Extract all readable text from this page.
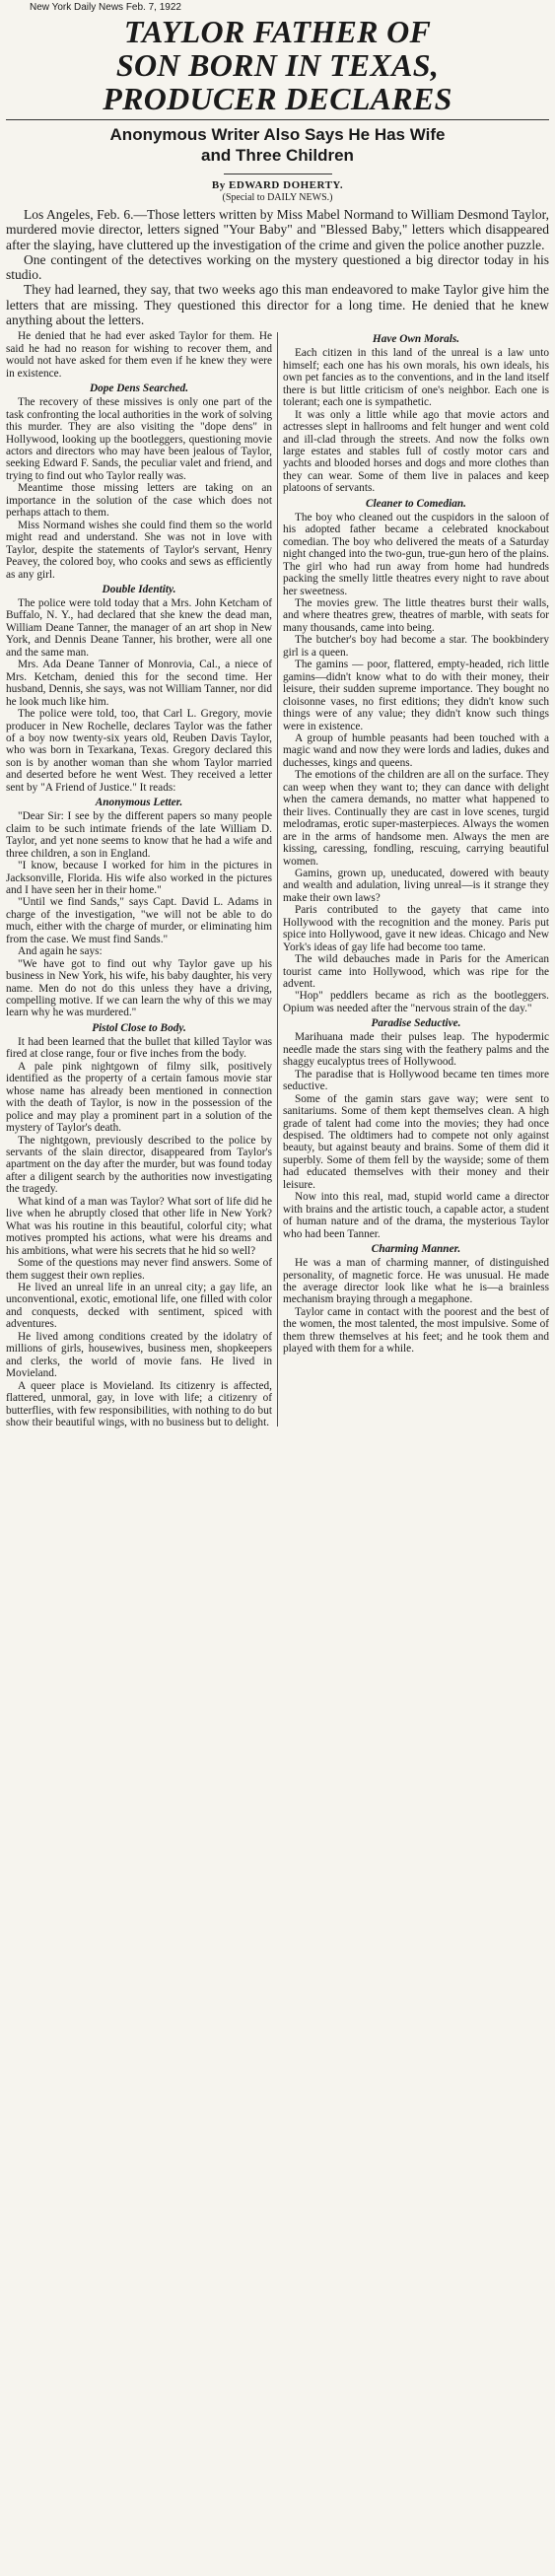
New York Daily News Feb. 7, 1922
TAYLOR FATHER OF
SON BORN IN TEXAS,
PRODUCER DECLARES
Anonymous Writer Also Says He Has Wife
and Three Children
By EDWARD DOHERTY.
(Special to DAILY NEWS.)

Los Angeles, Feb. 6.—Those letters written by Miss Mabel Normand to William Desmond Taylor, murdered movie director, letters signed "Your Baby" and "Blessed Baby," letters which disappeared after the slaying, have cluttered up the investigation of the crime and given the police another puzzle.

One contingent of the detectives working on the mystery questioned a big director today in his studio.

They had learned, they say, that two weeks ago this man endeavored to make Taylor give him the letters that are missing. They questioned this director for a long time. He denied that he knew anything about the letters.

He denied that he had ever asked Taylor for them. He said he had no reason for wishing to recover them, and would not have asked for them even if he knew they were in existence.

Dope Dens Searched.

The recovery of these missives is only one part of the task confronting the local authorities in the work of solving this murder. They are also visiting the "dope dens" in Hollywood, looking up the bootleggers, questioning movie actors and directors who may have been jealous of Taylor, seeking Edward F. Sands, the peculiar valet and friend, and trying to find out who Taylor really was.

Meantime those missing letters are taking on an importance in the solution of the case which does not perhaps attach to them.

Miss Normand wishes she could find them so the world might read and understand. She was not in love with Taylor, despite the statements of Taylor's servant, Henry Peavey, the colored boy, who cooks and sews as efficiently as any girl.

Double Identity.

The police were told today that a Mrs. John Ketcham of Buffalo, N. Y., had declared that she knew the dead man, William Deane Tanner, the manager of an art shop in New York, and Dennis Deane Tanner, his brother, were all one and the same man.

Mrs. Ada Deane Tanner of Monrovia, Cal., a niece of Mrs. Ketcham, denied this for the second time. Her husband, Dennis, she says, was not William Tanner, nor did he look much like him.

The police were told, too, that Carl L. Gregory, movie producer in New Rochelle, declares Taylor was the father of a boy now twenty-six years old, Reuben Davis Taylor, who was born in Texarkana, Texas. Gregory declared this son is by another woman than she whom Taylor married and deserted before he went West. They received a letter sent by "A Friend of Justice." It reads:

Anonymous Letter.

"Dear Sir: I see by the different papers so many people claim to be such intimate friends of the late William D. Taylor, and yet none seems to know that he had a wife and three children, a son in England.

"I know, because I worked for him in the pictures in Jacksonville, Florida. His wife also worked in the pictures and I have seen her in their home."

"Until we find Sands," says Capt. David L. Adams in charge of the investigation, "we will not be able to do much, either with the charge of murder, or eliminating him from the case. We must find Sands."

And again he says:

"We have got to find out why Taylor gave up his business in New York, his wife, his baby daughter, his very name. Men do not do this unless they have a driving, compelling motive. If we can learn the why of this we may learn why he was murdered."

Pistol Close to Body.

It had been learned that the bullet that killed Taylor was fired at close range, four or five inches from the body.

A pale pink nightgown of filmy silk, positively identified as the property of a certain famous movie star whose name has already been mentioned in connection with the death of Taylor, is now in the possession of the police and may play a prominent part in a solution of the mystery of Taylor's death.

The nightgown, previously described to the police by servants of the slain director, disappeared from Taylor's apartment on the day after the murder, but was found today after a diligent search by the authorities now investigating the tragedy.

What kind of a man was Taylor? What sort of life did he live when he abruptly closed that other life in New York? What was his routine in this beautiful, colorful city; what motives prompted his actions, what were his dreams and his ambitions, what were his secrets that he hid so well?

Some of the questions may never find answers. Some of them suggest their own replies.

He lived an unreal life in an unreal city; a gay life, an unconventional, exotic, emotional life, one filled with color and conquests, decked with sentiment, spiced with adventures.

He lived among conditions created by the idolatry of millions of girls, housewives, business men, shopkeepers and clerks, the world of movie fans. He lived in Movieland.

A queer place is Movieland. Its citizenry is affected, flattered, unmoral, gay, in love with life; a citizenry of butterflies, with few responsibilities, with nothing to do but show their beautiful wings, with no business but to delight.

Have Own Morals.

Each citizen in this land of the unreal is a law unto himself; each one has his own morals, his own ideals, his own pet fancies as to the conventions, and in the land itself there is but little criticism of one's neighbor. Each one is tolerant; each one is sympathetic.

It was only a little while ago that movie actors and actresses slept in hallrooms and felt hunger and went cold and ill-clad through the streets. And now the folks own large estates and stables full of costly motor cars and yachts and blooded horses and dogs and more clothes than they can wear. Some of them live in palaces and keep platoons of servants.

Cleaner to Comedian.

The boy who cleaned out the cuspidors in the saloon of his adopted father became a celebrated knockabout comedian. The boy who delivered the meats of a Saturday night changed into the two-gun, true-gun hero of the plains. The girl who had run away from home had hundreds packing the smelly little theatres every night to rave about her sweetness.

The movies grew. The little theatres burst their walls, and where theatres grew, theatres of marble, with seats for many thousands, came into being.

The butcher's boy had become a star. The bookbindery girl is a queen.

The gamins — poor, flattered, empty-headed, rich little gamins—didn't know what to do with their money, their leisure, their sudden supreme importance. They bought no cloisonne vases, no first editions; they didn't know such things were of any value; they didn't know such things were in existence.

A group of humble peasants had been touched with a magic wand and now they were lords and ladies, dukes and duchesses, kings and queens.

The emotions of the children are all on the surface. They can weep when they want to; they can dance with delight when the camera demands, no matter what happened to their lives. Continually they are cast in love scenes, turgid melodramas, erotic super-masterpieces. Always the women are in the arms of handsome men. Always the men are kissing, caressing, fondling, rescuing, carrying beautiful women.

Gamins, grown up, uneducated, dowered with beauty and wealth and adulation, living unreal—is it strange they make their own laws?

Paris contributed to the gayety that came into Hollywood with the recognition and the money. Paris put spice into Hollywood, gave it new ideas. Chicago and New York's ideas of gay life had become too tame.

The wild debauches made in Paris for the American tourist came into Hollywood, which was ripe for the advent.

"Hop" peddlers became as rich as the bootleggers. Opium was needed after the "nervous strain of the day."

Paradise Seductive.

Marihuana made their pulses leap. The hypodermic needle made the stars sing with the feathery palms and the shaggy eucalyptus trees of Hollywood.

The paradise that is Hollywood became ten times more seductive.

Some of the gamin stars gave way; were sent to sanitariums. Some of them kept themselves clean. A high grade of talent had come into the movies; they had once despised. The oldtimers had to compete not only against beauty, but against beauty and brains. Some of them did it superbly. Some of them fell by the wayside; some of them had educated themselves with their money and their leisure.

Now into this real, mad, stupid world came a director with brains and the artistic touch, a capable actor, a student of human nature and of the drama, the mysterious Taylor who had been Tanner.

Charming Manner.

He was a man of charming manner, of distinguished personality, of magnetic force. He was unusual. He made the average director look like what he is—a brainless mechanism braying through a megaphone.

Taylor came in contact with the poorest and the best of the women, the most talented, the most impulsive. Some of them threw themselves at his feet; and he took them and played with them for a while.
